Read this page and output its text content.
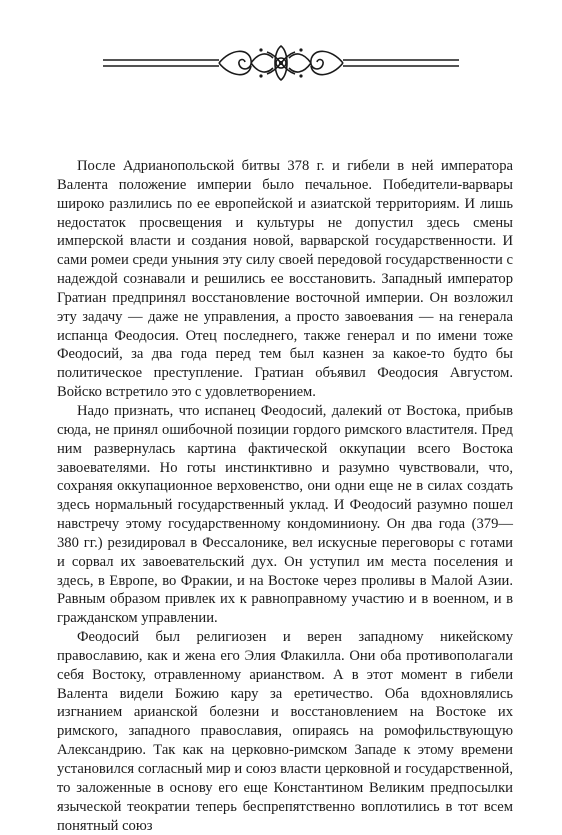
После Адрианопольской битвы 378 г. и гибели в ней императора Валента положение империи было печальное. Победители-варвары широко разлились по ее европейской и азиатской территориям. И лишь недостаток просвещения и культуры не допустил здесь смены имперской власти и создания новой, варварской государственности. И сами ромеи среди уныния эту силу своей передовой государственности с надеждой сознавали и решились ее восстановить. Западный император Гратиан предпринял восстановление восточной империи. Он возложил эту задачу — даже не управления, а просто завоевания — на генерала испанца Феодосия. Отец последнего, также генерал и по имени тоже Феодосий, за два года перед тем был казнен за какое-то будто бы политическое преступление. Гратиан объявил Феодосия Августом. Войско встретило это с удовлетворением.

Надо признать, что испанец Феодосий, далекий от Востока, прибыв сюда, не принял ошибочной позиции гордого римского властителя. Пред ним развернулась картина фактической оккупации всего Востока завоевателями. Но готы инстинктивно и разумно чувствовали, что, сохраняя оккупационное верховенство, они одни еще не в силах создать здесь нормальный государственный уклад. И Феодосий разумно пошел навстречу этому государственному кондоминиону. Он два года (379—380 гг.) резидировал в Фессалонике, вел искусные переговоры с готами и сорвал их завоевательский дух. Он уступил им места поселения и здесь, в Европе, во Фракии, и на Востоке через проливы в Малой Азии. Равным образом привлек их к равноправному участию и в военном, и в гражданском управлении.

Феодосий был религиозен и верен западному никейскому православию, как и жена его Элия Флакилла. Они оба противополагали себя Востоку, отравленному арианством. А в этот момент в гибели Валента видели Божию кару за еретичество. Оба вдохновлялись изгнанием арианской болезни и восстановлением на Востоке их римского, западного православия, опираясь на ромофильствующую Александрию. Так как на церковно-римском Западе к этому времени установился согласный мир и союз власти церковной и государственной, то заложенные в основу его еще Константином Великим предпосылки языческой теократии теперь беспрепятственно воплотились в тот всем понятный союз
